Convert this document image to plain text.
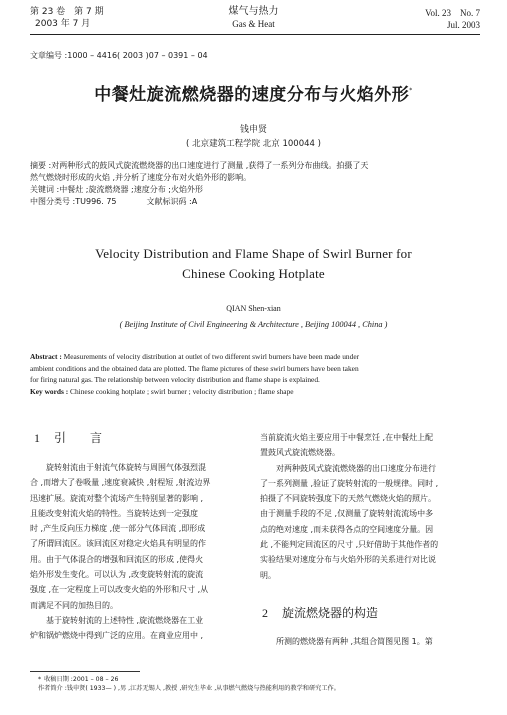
第 23 卷　第 7 期
2003 年 7 月
煤气与热力
Gas & Heat
Vol. 23　No. 7
Jul. 2003
文章编号 :1000 – 4416( 2003 )07 – 0391 – 04
中餐灶旋流燃烧器的速度分布与火焰外形*
钱申贤
( 北京建筑工程学院 北京 100044 )
摘要 :对两种形式的鼓风式旋流燃烧器的出口速度进行了测量 ,获得了一系列分布曲线。拍摄了天
然气燃烧时形成的火焰 ,并分析了速度分布对火焰外形的影响。
关键词 :中餐灶 ;旋流燃烧器 ;速度分布 ;火焰外形
中图分类号 :TU996. 75	文献标识码 :A
Velocity Distribution and Flame Shape of Swirl Burner for
Chinese Cooking Hotplate
QIAN Shen-xian
( Beijing Institute of Civil Engineering & Architecture , Beijing 100044 , China )
Abstract : Measurements of velocity distribution at outlet of two different swirl burners have been made under
ambient conditions and the obtained data are plotted. The flame pictures of these swirl burners have been taken
for firing natural gas. The relationship between velocity distribution and flame shape is explained.
Key words : Chinese cooking hotplate ; swirl burner ; velocity distribution ; flame shape
1 引　　言
　　旋转射流由于射流气体旋转与周围气体强烈混
合 ,而增大了卷吸量 ,速度衰减快 ,射程短 ,射流边界
迅速扩展。旋流对整个流场产生特别显著的影响 ,
且能改变射流火焰的特性。当旋转达到一定强度
时 ,产生反向压力梯度 ,使一部分气体回流 ,即形成
了所谓回流区。该回流区对稳定火焰具有明显的作
用。由于气体混合的增强和回流区的形成 ,使得火
焰外形发生变化。可以认为 ,改变旋转射流的旋流
强度 ,在一定程度上可以改变火焰的外形和尺寸 ,从
而满足不同的加热目的。
　　基于旋转射流的上述特性 ,旋流燃烧器在工业
炉和锅炉燃烧中得到广泛的应用。在商业应用中 ,
当前旋流火焰主要应用于中餐烹饪 ,在中餐灶上配
置鼓风式旋流燃烧器。
　　对两种鼓风式旋流燃烧器的出口速度分布进行
了一系列测量 ,验证了旋转射流的一般规律。同时 ,
拍摄了不同旋转强度下的天然气燃烧火焰的照片。
由于测量手段的不足 ,仅测量了旋转射流流场中多
点的绝对速度 ,而未获得各点的空间速度分量。因
此 ,不能判定回流区的尺寸 ,只好借助于其他作者的
实验结果对速度分布与火焰外形的关系进行对比说
明。
2 旋流燃烧器的构造
　　所测的燃烧器有两种 ,其组合简图见图 1。第
* 收稿日期 :2001 – 08 – 26
作者简介 :钱申贤( 1933— ) ,男 ,江苏无锡人 ,教授 ,研究生毕业 ,从事燃气燃烧与热能利用的教学和研究工作。
